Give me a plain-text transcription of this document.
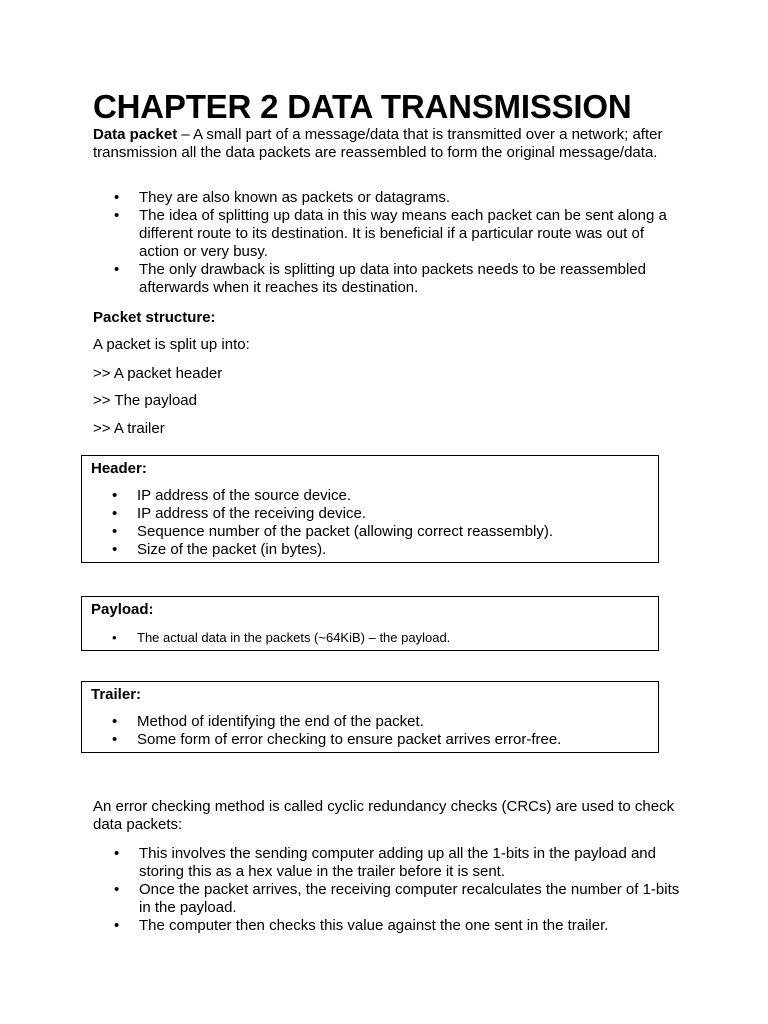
CHAPTER 2 DATA TRANSMISSION

Data packet – A small part of a message/data that is transmitted over a network; after transmission all the data packets are reassembled to form the original message/data.

• They are also known as packets or datagrams.
• The idea of splitting up data in this way means each packet can be sent along a different route to its destination. It is beneficial if a particular route was out of action or very busy.
• The only drawback is splitting up data into packets needs to be reassembled afterwards when it reaches its destination.

Packet structure:

A packet is split up into:

>> A packet header

>> The payload

>> A trailer

Header:

• IP address of the source device.
• IP address of the receiving device.
• Sequence number of the packet (allowing correct reassembly).
• Size of the packet (in bytes).

Payload:

• The actual data in the packets (~64KiB) – the payload.

Trailer:

• Method of identifying the end of the packet.
• Some form of error checking to ensure packet arrives error-free.

An error checking method is called cyclic redundancy checks (CRCs) are used to check data packets:

• This involves the sending computer adding up all the 1-bits in the payload and storing this as a hex value in the trailer before it is sent.
• Once the packet arrives, the receiving computer recalculates the number of 1-bits in the payload.
• The computer then checks this value against the one sent in the trailer.
